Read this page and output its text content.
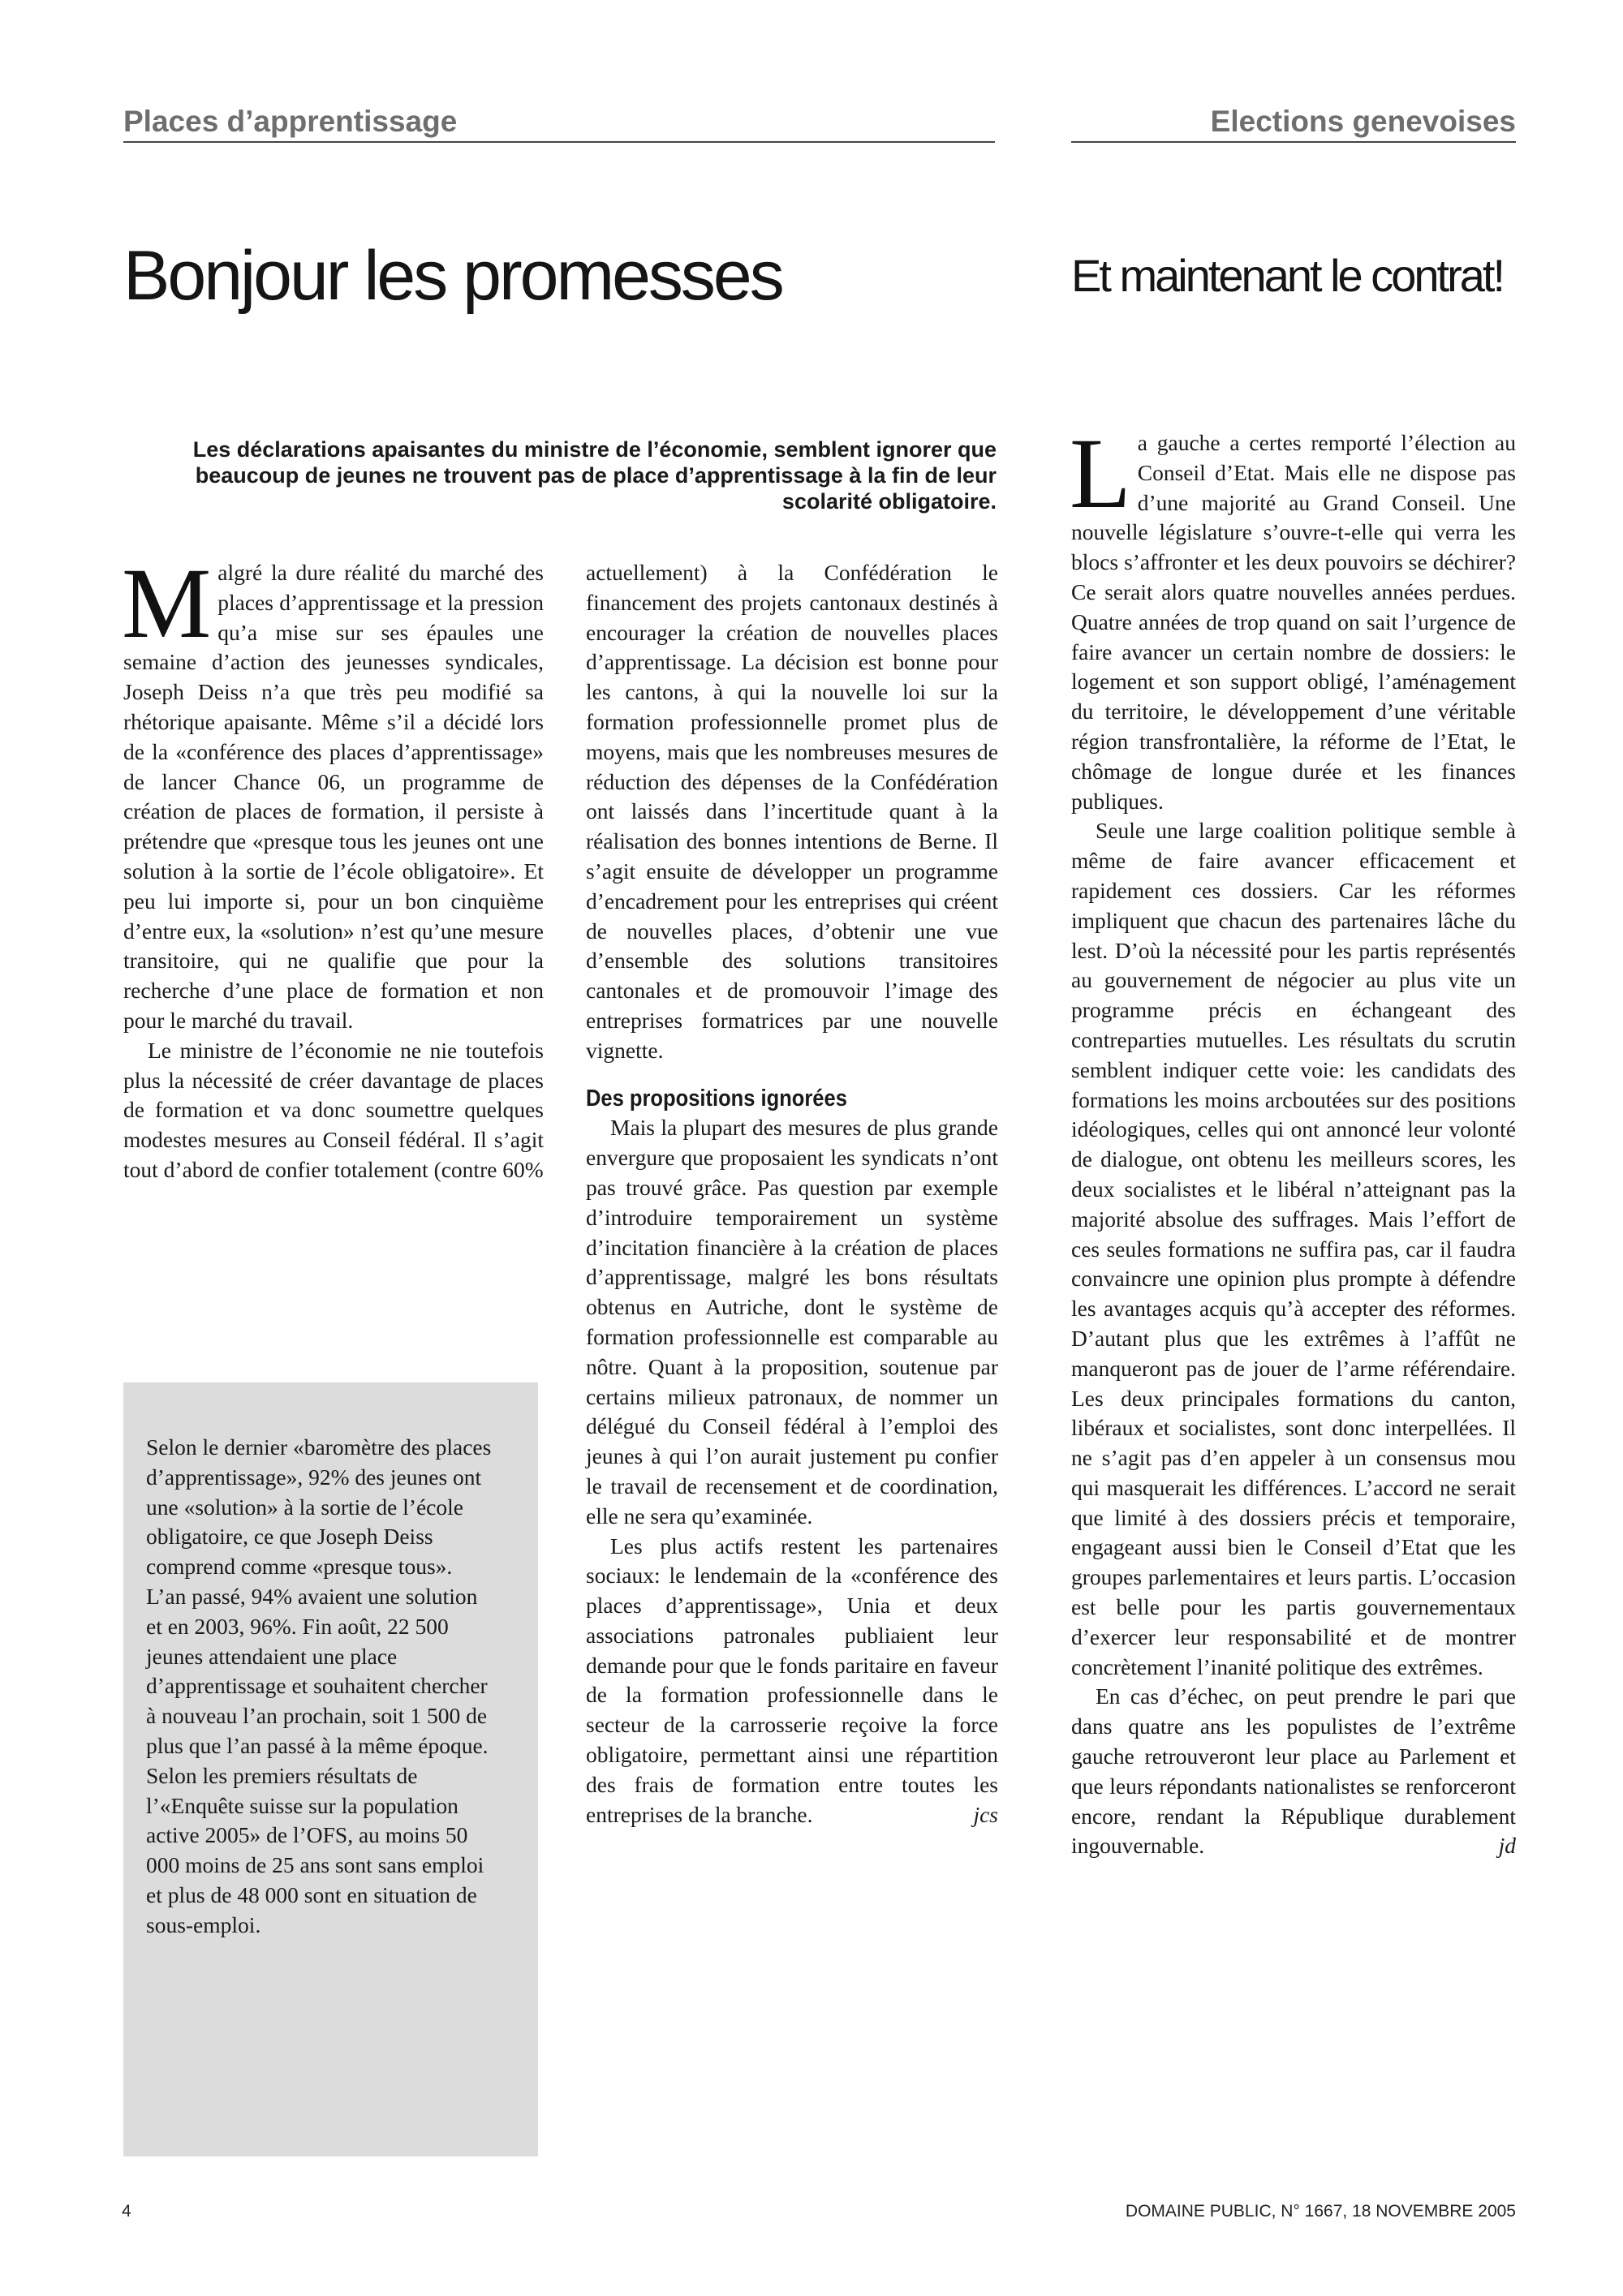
Places d’apprentissage	Elections genevoises
Bonjour les promesses	Et maintenant le contrat!

Les déclarations apaisantes du ministre de l’économie, semblent ignorer que beaucoup de jeunes ne trouvent pas de place d’apprentissage à la fin de leur scolarité obligatoire.

Malgré la dure réalité du marché des places d’apprentissage et la pression qu’a mise sur ses épaules une semaine d’action des jeunesses syndicales, Joseph Deiss n’a que très peu modifié sa rhétorique apaisante. Même s’il a décidé lors de la «conférence des places d’apprentissage» de lancer Chance 06, un programme de création de places de formation, il persiste à prétendre que «presque tous les jeunes ont une solution à la sortie de l’école obligatoire». Et peu lui importe si, pour un bon cinquième d’entre eux, la «solution» n’est qu’une mesure transitoire, qui ne qualifie que pour la recherche d’une place de formation et non pour le marché du travail.

Le ministre de l’économie ne nie toutefois plus la nécessité de créer davantage de places de formation et va donc soumettre quelques modestes mesures au Conseil fédéral. Il s’agit tout d’abord de confier totalement (contre 60%

Selon le dernier «baromètre des places d’apprentissage», 92% des jeunes ont une «solution» à la sortie de l’école obligatoire, ce que Joseph Deiss comprend comme «presque tous». L’an passé, 94% avaient une solution et en 2003, 96%. Fin août, 22 500 jeunes attendaient une place d’apprentissage et souhaitent chercher à nouveau l’an prochain, soit 1 500 de plus que l’an passé à la même époque. Selon les premiers résultats de l’«Enquête suisse sur la population active 2005» de l’OFS, au moins 50 000 moins de 25 ans sont sans emploi et plus de 48 000 sont en situation de sous-emploi.

actuellement) à la Confédération le financement des projets cantonaux destinés à encourager la création de nouvelles places d’apprentissage. La décision est bonne pour les cantons, à qui la nouvelle loi sur la formation professionnelle promet plus de moyens, mais que les nombreuses mesures de réduction des dépenses de la Confédération ont laissés dans l’incertitude quant à la réalisation des bonnes intentions de Berne. Il s’agit ensuite de développer un programme d’encadrement pour les entreprises qui créent de nouvelles places, d’obtenir une vue d’ensemble des solutions transitoires cantonales et de promouvoir l’image des entreprises formatrices par une nouvelle vignette.

Des propositions ignorées

Mais la plupart des mesures de plus grande envergure que proposaient les syndicats n’ont pas trouvé grâce. Pas question par exemple d’introduire temporairement un système d’incitation financière à la création de places d’apprentissage, malgré les bons résultats obtenus en Autriche, dont le système de formation professionnelle est comparable au nôtre. Quant à la proposition, soutenue par certains milieux patronaux, de nommer un délégué du Conseil fédéral à l’emploi des jeunes à qui l’on aurait justement pu confier le travail de recensement et de coordination, elle ne sera qu’examinée.

Les plus actifs restent les partenaires sociaux: le lendemain de la «conférence des places d’apprentissage», Unia et deux associations patronales publiaient leur demande pour que le fonds paritaire en faveur de la formation professionnelle dans le secteur de la carrosserie reçoive la force obligatoire, permettant ainsi une répartition des frais de formation entre toutes les entreprises de la branche.	jcs

La gauche a certes remporté l’élection au Conseil d’Etat. Mais elle ne dispose pas d’une majorité au Grand Conseil. Une nouvelle législature s’ouvre-t-elle qui verra les blocs s’affronter et les deux pouvoirs se déchirer? Ce serait alors quatre nouvelles années perdues. Quatre années de trop quand on sait l’urgence de faire avancer un certain nombre de dossiers: le logement et son support obligé, l’aménagement du territoire, le développement d’une véritable région transfrontalière, la réforme de l’Etat, le chômage de longue durée et les finances publiques.

Seule une large coalition politique semble à même de faire avancer efficacement et rapidement ces dossiers. Car les réformes impliquent que chacun des partenaires lâche du lest. D’où la nécessité pour les partis représentés au gouvernement de négocier au plus vite un programme précis en échangeant des contreparties mutuelles. Les résultats du scrutin semblent indiquer cette voie: les candidats des formations les moins arcboutées sur des positions idéologiques, celles qui ont annoncé leur volonté de dialogue, ont obtenu les meilleurs scores, les deux socialistes et le libéral n’atteignant pas la majorité absolue des suffrages. Mais l’effort de ces seules formations ne suffira pas, car il faudra convaincre une opinion plus prompte à défendre les avantages acquis qu’à accepter des réformes. D’autant plus que les extrêmes à l’affût ne manqueront pas de jouer de l’arme référendaire. Les deux principales formations du canton, libéraux et socialistes, sont donc interpellées. Il ne s’agit pas d’en appeler à un consensus mou qui masquerait les différences. L’accord ne serait que limité à des dossiers précis et temporaire, engageant aussi bien le Conseil d’Etat que les groupes parlementaires et leurs partis. L’occasion est belle pour les partis gouvernementaux d’exercer leur responsabilité et de montrer concrètement l’inanité politique des extrêmes.

En cas d’échec, on peut prendre le pari que dans quatre ans les populistes de l’extrême gauche retrouveront leur place au Parlement et que leurs répondants nationalistes se renforceront encore, rendant la République durablement ingouvernable.	jd

4	DOMAINE PUBLIC, N° 1667, 18 NOVEMBRE 2005
